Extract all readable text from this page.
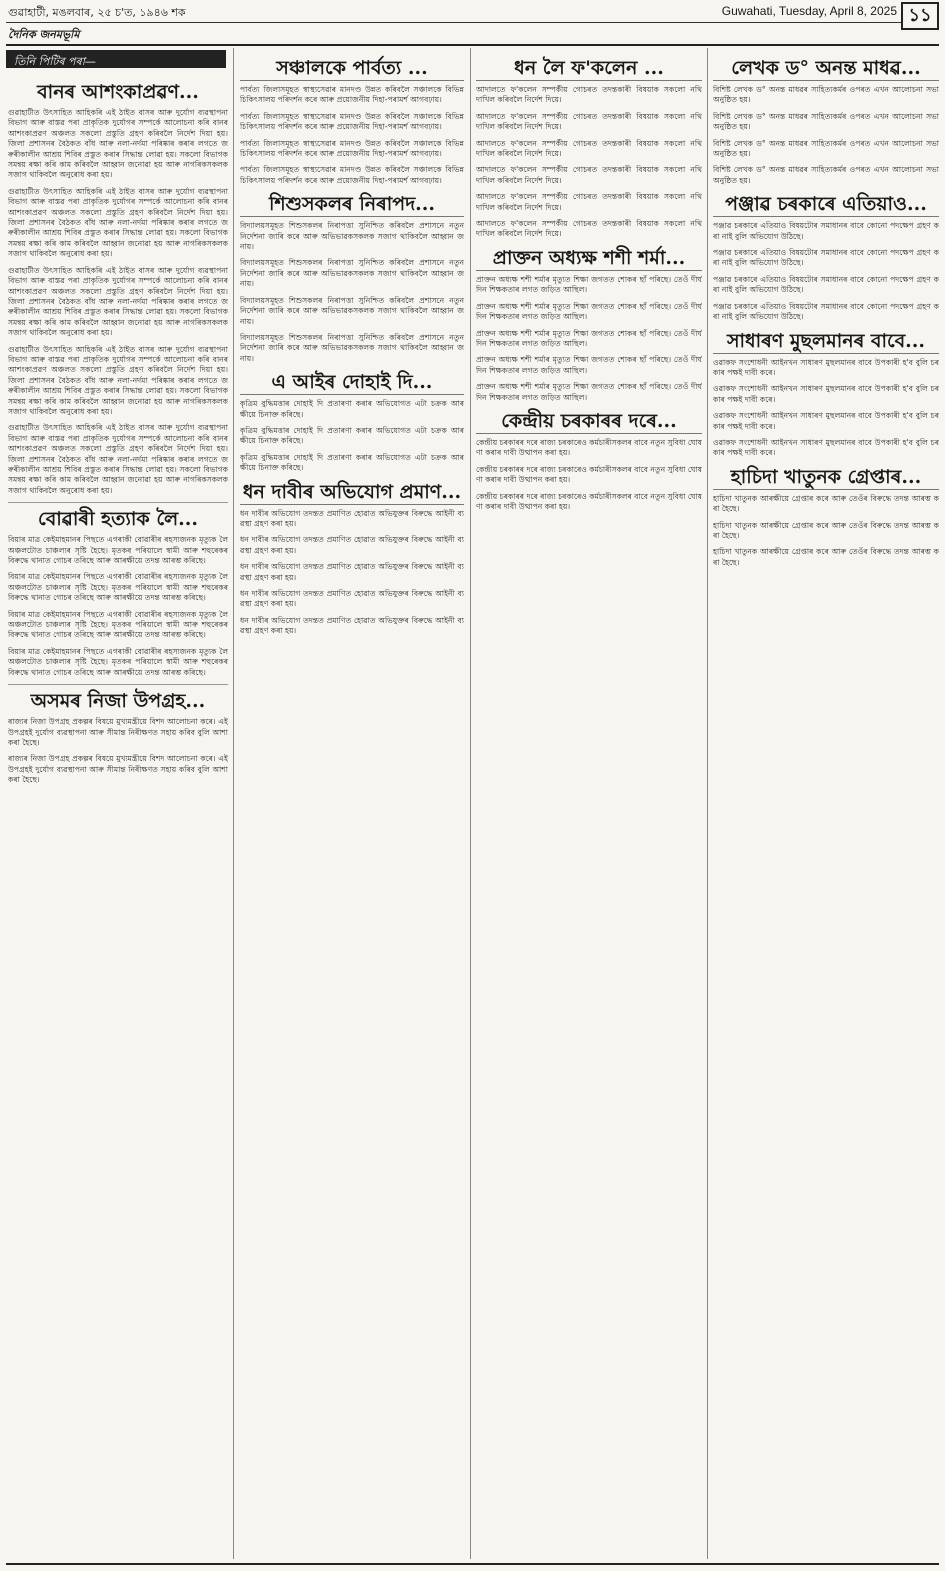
গুৱাহাটী, মঙলবাৰ, ২৫ চ'ত, ১৯৪৬ শক	Guwahati, Tuesday, April 8, 2025 ১১
দৈনিক জনমভূমি
তিনি পিটিৰ পৰা—
বানৰ আশংকাপ্ৰৱণ...

গুৱাহাটীত উৎসাহিত আহিকৰি এই ঠাইত বাসৰ আৰু দুৰ্যোগ ব্যৱস্থাপনা বিভাগ আৰু বাস্তৱ পৰা প্ৰাকৃতিক দুৰ্যোগৰ সম্পৰ্কে আলোচনা কৰি বানৰ আশংকাপ্ৰৱণ অঞ্চলত সকলো প্ৰস্তুতি গ্ৰহণ কৰিবলৈ নিৰ্দেশ দিয়া হয়। জিলা প্ৰশাসনৰ বৈঠকত বাঁধ আৰু নলা-নৰ্দমা পৰিষ্কাৰ কৰাৰ লগতে জৰুৰীকালীন আশ্ৰয় শিবিৰ প্ৰস্তুত কৰাৰ সিদ্ধান্ত লোৱা হয়। সকলো বিভাগক সমন্বয় ৰক্ষা কৰি কাম কৰিবলৈ আহ্বান জনোৱা হয় আৰু নাগৰিকসকলক সজাগ থাকিবলৈ অনুৰোধ কৰা হয়।

গুৱাহাটীত উৎসাহিত আহিকৰি এই ঠাইত বাসৰ আৰু দুৰ্যোগ ব্যৱস্থাপনা বিভাগ আৰু বাস্তৱ পৰা প্ৰাকৃতিক দুৰ্যোগৰ সম্পৰ্কে আলোচনা কৰি বানৰ আশংকাপ্ৰৱণ অঞ্চলত সকলো প্ৰস্তুতি গ্ৰহণ কৰিবলৈ নিৰ্দেশ দিয়া হয়। জিলা প্ৰশাসনৰ বৈঠকত বাঁধ আৰু নলা-নৰ্দমা পৰিষ্কাৰ কৰাৰ লগতে জৰুৰীকালীন আশ্ৰয় শিবিৰ প্ৰস্তুত কৰাৰ সিদ্ধান্ত লোৱা হয়। সকলো বিভাগক সমন্বয় ৰক্ষা কৰি কাম কৰিবলৈ আহ্বান জনোৱা হয় আৰু নাগৰিকসকলক সজাগ থাকিবলৈ অনুৰোধ কৰা হয়।

গুৱাহাটীত উৎসাহিত আহিকৰি এই ঠাইত বাসৰ আৰু দুৰ্যোগ ব্যৱস্থাপনা বিভাগ আৰু বাস্তৱ পৰা প্ৰাকৃতিক দুৰ্যোগৰ সম্পৰ্কে আলোচনা কৰি বানৰ আশংকাপ্ৰৱণ অঞ্চলত সকলো প্ৰস্তুতি গ্ৰহণ কৰিবলৈ নিৰ্দেশ দিয়া হয়। জিলা প্ৰশাসনৰ বৈঠকত বাঁধ আৰু নলা-নৰ্দমা পৰিষ্কাৰ কৰাৰ লগতে জৰুৰীকালীন আশ্ৰয় শিবিৰ প্ৰস্তুত কৰাৰ সিদ্ধান্ত লোৱা হয়। সকলো বিভাগক সমন্বয় ৰক্ষা কৰি কাম কৰিবলৈ আহ্বান জনোৱা হয় আৰু নাগৰিকসকলক সজাগ থাকিবলৈ অনুৰোধ কৰা হয়।

গুৱাহাটীত উৎসাহিত আহিকৰি এই ঠাইত বাসৰ আৰু দুৰ্যোগ ব্যৱস্থাপনা বিভাগ আৰু বাস্তৱ পৰা প্ৰাকৃতিক দুৰ্যোগৰ সম্পৰ্কে আলোচনা কৰি বানৰ আশংকাপ্ৰৱণ অঞ্চলত সকলো প্ৰস্তুতি গ্ৰহণ কৰিবলৈ নিৰ্দেশ দিয়া হয়। জিলা প্ৰশাসনৰ বৈঠকত বাঁধ আৰু নলা-নৰ্দমা পৰিষ্কাৰ কৰাৰ লগতে জৰুৰীকালীন আশ্ৰয় শিবিৰ প্ৰস্তুত কৰাৰ সিদ্ধান্ত লোৱা হয়। সকলো বিভাগক সমন্বয় ৰক্ষা কৰি কাম কৰিবলৈ আহ্বান জনোৱা হয় আৰু নাগৰিকসকলক সজাগ থাকিবলৈ অনুৰোধ কৰা হয়।

গুৱাহাটীত উৎসাহিত আহিকৰি এই ঠাইত বাসৰ আৰু দুৰ্যোগ ব্যৱস্থাপনা বিভাগ আৰু বাস্তৱ পৰা প্ৰাকৃতিক দুৰ্যোগৰ সম্পৰ্কে আলোচনা কৰি বানৰ আশংকাপ্ৰৱণ অঞ্চলত সকলো প্ৰস্তুতি গ্ৰহণ কৰিবলৈ নিৰ্দেশ দিয়া হয়। জিলা প্ৰশাসনৰ বৈঠকত বাঁধ আৰু নলা-নৰ্দমা পৰিষ্কাৰ কৰাৰ লগতে জৰুৰীকালীন আশ্ৰয় শিবিৰ প্ৰস্তুত কৰাৰ সিদ্ধান্ত লোৱা হয়। সকলো বিভাগক সমন্বয় ৰক্ষা কৰি কাম কৰিবলৈ আহ্বান জনোৱা হয় আৰু নাগৰিকসকলক সজাগ থাকিবলৈ অনুৰোধ কৰা হয়।

বোৱাৰী হত্যাক লৈ...

বিয়াৰ মাত্ৰ কেইমাহমানৰ পিছতে এগৰাকী বোৱাৰীৰ ৰহস্যজনক মৃত্যুক লৈ অঞ্চলটোত চাঞ্চল্যৰ সৃষ্টি হৈছে। মৃতকৰ পৰিয়ালে স্বামী আৰু শহুৰেকৰ বিৰুদ্ধে থানাত গোচৰ তৰিছে আৰু আৰক্ষীয়ে তদন্ত আৰম্ভ কৰিছে।

বিয়াৰ মাত্ৰ কেইমাহমানৰ পিছতে এগৰাকী বোৱাৰীৰ ৰহস্যজনক মৃত্যুক লৈ অঞ্চলটোত চাঞ্চল্যৰ সৃষ্টি হৈছে। মৃতকৰ পৰিয়ালে স্বামী আৰু শহুৰেকৰ বিৰুদ্ধে থানাত গোচৰ তৰিছে আৰু আৰক্ষীয়ে তদন্ত আৰম্ভ কৰিছে।

বিয়াৰ মাত্ৰ কেইমাহমানৰ পিছতে এগৰাকী বোৱাৰীৰ ৰহস্যজনক মৃত্যুক লৈ অঞ্চলটোত চাঞ্চল্যৰ সৃষ্টি হৈছে। মৃতকৰ পৰিয়ালে স্বামী আৰু শহুৰেকৰ বিৰুদ্ধে থানাত গোচৰ তৰিছে আৰু আৰক্ষীয়ে তদন্ত আৰম্ভ কৰিছে।

বিয়াৰ মাত্ৰ কেইমাহমানৰ পিছতে এগৰাকী বোৱাৰীৰ ৰহস্যজনক মৃত্যুক লৈ অঞ্চলটোত চাঞ্চল্যৰ সৃষ্টি হৈছে। মৃতকৰ পৰিয়ালে স্বামী আৰু শহুৰেকৰ বিৰুদ্ধে থানাত গোচৰ তৰিছে আৰু আৰক্ষীয়ে তদন্ত আৰম্ভ কৰিছে।

অসমৰ নিজা উপগ্ৰহ...

ৰাজ্যৰ নিজা উপগ্ৰহ প্ৰকল্পৰ বিষয়ে মুখ্যমন্ত্ৰীয়ে বিশদ আলোচনা কৰে। এই উপগ্ৰহই দুৰ্যোগ ব্যৱস্থাপনা আৰু সীমান্ত নিৰীক্ষণত সহায় কৰিব বুলি আশা কৰা হৈছে।

ৰাজ্যৰ নিজা উপগ্ৰহ প্ৰকল্পৰ বিষয়ে মুখ্যমন্ত্ৰীয়ে বিশদ আলোচনা কৰে। এই উপগ্ৰহই দুৰ্যোগ ব্যৱস্থাপনা আৰু সীমান্ত নিৰীক্ষণত সহায় কৰিব বুলি আশা কৰা হৈছে।

সঞ্চালকে পাৰ্বত্য ...

পাৰ্বত্য জিলাসমূহত স্বাস্থ্যসেৱাৰ মানদণ্ড উন্নত কৰিবলৈ সঞ্চালকে বিভিন্ন চিকিৎসালয় পৰিদৰ্শন কৰে আৰু প্ৰয়োজনীয় দিহা-পৰামৰ্শ আগবঢ়ায়।

পাৰ্বত্য জিলাসমূহত স্বাস্থ্যসেৱাৰ মানদণ্ড উন্নত কৰিবলৈ সঞ্চালকে বিভিন্ন চিকিৎসালয় পৰিদৰ্শন কৰে আৰু প্ৰয়োজনীয় দিহা-পৰামৰ্শ আগবঢ়ায়।

পাৰ্বত্য জিলাসমূহত স্বাস্থ্যসেৱাৰ মানদণ্ড উন্নত কৰিবলৈ সঞ্চালকে বিভিন্ন চিকিৎসালয় পৰিদৰ্শন কৰে আৰু প্ৰয়োজনীয় দিহা-পৰামৰ্শ আগবঢ়ায়।

পাৰ্বত্য জিলাসমূহত স্বাস্থ্যসেৱাৰ মানদণ্ড উন্নত কৰিবলৈ সঞ্চালকে বিভিন্ন চিকিৎসালয় পৰিদৰ্শন কৰে আৰু প্ৰয়োজনীয় দিহা-পৰামৰ্শ আগবঢ়ায়।

শিশুসকলৰ নিৰাপদ...

বিদ্যালয়সমূহত শিশুসকলৰ নিৰাপত্তা সুনিশ্চিত কৰিবলৈ প্ৰশাসনে নতুন নিৰ্দেশনা জাৰি কৰে আৰু অভিভাৱকসকলক সজাগ থাকিবলৈ আহ্বান জনায়।

বিদ্যালয়সমূহত শিশুসকলৰ নিৰাপত্তা সুনিশ্চিত কৰিবলৈ প্ৰশাসনে নতুন নিৰ্দেশনা জাৰি কৰে আৰু অভিভাৱকসকলক সজাগ থাকিবলৈ আহ্বান জনায়।

বিদ্যালয়সমূহত শিশুসকলৰ নিৰাপত্তা সুনিশ্চিত কৰিবলৈ প্ৰশাসনে নতুন নিৰ্দেশনা জাৰি কৰে আৰু অভিভাৱকসকলক সজাগ থাকিবলৈ আহ্বান জনায়।

বিদ্যালয়সমূহত শিশুসকলৰ নিৰাপত্তা সুনিশ্চিত কৰিবলৈ প্ৰশাসনে নতুন নিৰ্দেশনা জাৰি কৰে আৰু অভিভাৱকসকলক সজাগ থাকিবলৈ আহ্বান জনায়।

এ আইৰ দোহাই দি...

কৃত্ৰিম বুদ্ধিমত্তাৰ দোহাই দি প্ৰতাৰণা কৰাৰ অভিযোগত এটা চক্ৰক আৰক্ষীয়ে চিনাক্ত কৰিছে।

কৃত্ৰিম বুদ্ধিমত্তাৰ দোহাই দি প্ৰতাৰণা কৰাৰ অভিযোগত এটা চক্ৰক আৰক্ষীয়ে চিনাক্ত কৰিছে।

কৃত্ৰিম বুদ্ধিমত্তাৰ দোহাই দি প্ৰতাৰণা কৰাৰ অভিযোগত এটা চক্ৰক আৰক্ষীয়ে চিনাক্ত কৰিছে।

ধন দাবীৰ অভিযোগ প্ৰমাণ...

ধন দাবীৰ অভিযোগ তদন্তত প্ৰমাণিত হোৱাত অভিযুক্তৰ বিৰুদ্ধে আইনী ব্যৱস্থা গ্ৰহণ কৰা হয়।

ধন দাবীৰ অভিযোগ তদন্তত প্ৰমাণিত হোৱাত অভিযুক্তৰ বিৰুদ্ধে আইনী ব্যৱস্থা গ্ৰহণ কৰা হয়।

ধন দাবীৰ অভিযোগ তদন্তত প্ৰমাণিত হোৱাত অভিযুক্তৰ বিৰুদ্ধে আইনী ব্যৱস্থা গ্ৰহণ কৰা হয়।

ধন দাবীৰ অভিযোগ তদন্তত প্ৰমাণিত হোৱাত অভিযুক্তৰ বিৰুদ্ধে আইনী ব্যৱস্থা গ্ৰহণ কৰা হয়।

ধন দাবীৰ অভিযোগ তদন্তত প্ৰমাণিত হোৱাত অভিযুক্তৰ বিৰুদ্ধে আইনী ব্যৱস্থা গ্ৰহণ কৰা হয়।

ধন লৈ ফ'কলেন ...

আদালতে ফ'কলেন সম্পৰ্কীয় গোচৰত তদন্তকাৰী বিষয়াক সকলো নথি দাখিল কৰিবলৈ নিৰ্দেশ দিয়ে।

আদালতে ফ'কলেন সম্পৰ্কীয় গোচৰত তদন্তকাৰী বিষয়াক সকলো নথি দাখিল কৰিবলৈ নিৰ্দেশ দিয়ে।

আদালতে ফ'কলেন সম্পৰ্কীয় গোচৰত তদন্তকাৰী বিষয়াক সকলো নথি দাখিল কৰিবলৈ নিৰ্দেশ দিয়ে।

আদালতে ফ'কলেন সম্পৰ্কীয় গোচৰত তদন্তকাৰী বিষয়াক সকলো নথি দাখিল কৰিবলৈ নিৰ্দেশ দিয়ে।

আদালতে ফ'কলেন সম্পৰ্কীয় গোচৰত তদন্তকাৰী বিষয়াক সকলো নথি দাখিল কৰিবলৈ নিৰ্দেশ দিয়ে।

আদালতে ফ'কলেন সম্পৰ্কীয় গোচৰত তদন্তকাৰী বিষয়াক সকলো নথি দাখিল কৰিবলৈ নিৰ্দেশ দিয়ে।

প্ৰাক্তন অধ্যক্ষ শশী শৰ্মা...

প্ৰাক্তন অধ্যক্ষ শশী শৰ্মাৰ মৃত্যুত শিক্ষা জগতত শোকৰ ছাঁ পৰিছে। তেওঁ দীৰ্ঘদিন শিক্ষকতাৰ লগত জড়িত আছিল।

প্ৰাক্তন অধ্যক্ষ শশী শৰ্মাৰ মৃত্যুত শিক্ষা জগতত শোকৰ ছাঁ পৰিছে। তেওঁ দীৰ্ঘদিন শিক্ষকতাৰ লগত জড়িত আছিল।

প্ৰাক্তন অধ্যক্ষ শশী শৰ্মাৰ মৃত্যুত শিক্ষা জগতত শোকৰ ছাঁ পৰিছে। তেওঁ দীৰ্ঘদিন শিক্ষকতাৰ লগত জড়িত আছিল।

প্ৰাক্তন অধ্যক্ষ শশী শৰ্মাৰ মৃত্যুত শিক্ষা জগতত শোকৰ ছাঁ পৰিছে। তেওঁ দীৰ্ঘদিন শিক্ষকতাৰ লগত জড়িত আছিল।

প্ৰাক্তন অধ্যক্ষ শশী শৰ্মাৰ মৃত্যুত শিক্ষা জগতত শোকৰ ছাঁ পৰিছে। তেওঁ দীৰ্ঘদিন শিক্ষকতাৰ লগত জড়িত আছিল।

কেন্দ্ৰীয় চৰকাৰৰ দৰে...

কেন্দ্ৰীয় চৰকাৰৰ দৰে ৰাজ্য চৰকাৰেও কৰ্মচাৰীসকলৰ বাবে নতুন সুবিধা ঘোষণা কৰাৰ দাবী উত্থাপন কৰা হয়।

কেন্দ্ৰীয় চৰকাৰৰ দৰে ৰাজ্য চৰকাৰেও কৰ্মচাৰীসকলৰ বাবে নতুন সুবিধা ঘোষণা কৰাৰ দাবী উত্থাপন কৰা হয়।

কেন্দ্ৰীয় চৰকাৰৰ দৰে ৰাজ্য চৰকাৰেও কৰ্মচাৰীসকলৰ বাবে নতুন সুবিধা ঘোষণা কৰাৰ দাবী উত্থাপন কৰা হয়।

লেখক ড° অনন্ত মাধৱ...

বিশিষ্ট লেখক ড° অনন্ত মাধৱৰ সাহিত্যকৰ্মৰ ওপৰত এখন আলোচনা সভা অনুষ্ঠিত হয়।

বিশিষ্ট লেখক ড° অনন্ত মাধৱৰ সাহিত্যকৰ্মৰ ওপৰত এখন আলোচনা সভা অনুষ্ঠিত হয়।

বিশিষ্ট লেখক ড° অনন্ত মাধৱৰ সাহিত্যকৰ্মৰ ওপৰত এখন আলোচনা সভা অনুষ্ঠিত হয়।

বিশিষ্ট লেখক ড° অনন্ত মাধৱৰ সাহিত্যকৰ্মৰ ওপৰত এখন আলোচনা সভা অনুষ্ঠিত হয়।

পঞ্জাৱ চৰকাৰে এতিয়াও...

পঞ্জাৱ চৰকাৰে এতিয়াও বিষয়টোৰ সমাধানৰ বাবে কোনো পদক্ষেপ গ্ৰহণ কৰা নাই বুলি অভিযোগ উঠিছে।

পঞ্জাৱ চৰকাৰে এতিয়াও বিষয়টোৰ সমাধানৰ বাবে কোনো পদক্ষেপ গ্ৰহণ কৰা নাই বুলি অভিযোগ উঠিছে।

পঞ্জাৱ চৰকাৰে এতিয়াও বিষয়টোৰ সমাধানৰ বাবে কোনো পদক্ষেপ গ্ৰহণ কৰা নাই বুলি অভিযোগ উঠিছে।

পঞ্জাৱ চৰকাৰে এতিয়াও বিষয়টোৰ সমাধানৰ বাবে কোনো পদক্ষেপ গ্ৰহণ কৰা নাই বুলি অভিযোগ উঠিছে।

সাধাৰণ মুছলমানৰ বাবে...

ওৱাকফ সংশোধনী আইনখন সাধাৰণ মুছলমানৰ বাবে উপকাৰী হ'ব বুলি চৰকাৰ পক্ষই দাবী কৰে।

ওৱাকফ সংশোধনী আইনখন সাধাৰণ মুছলমানৰ বাবে উপকাৰী হ'ব বুলি চৰকাৰ পক্ষই দাবী কৰে।

ওৱাকফ সংশোধনী আইনখন সাধাৰণ মুছলমানৰ বাবে উপকাৰী হ'ব বুলি চৰকাৰ পক্ষই দাবী কৰে।

ওৱাকফ সংশোধনী আইনখন সাধাৰণ মুছলমানৰ বাবে উপকাৰী হ'ব বুলি চৰকাৰ পক্ষই দাবী কৰে।

হাচিদা খাতুনক গ্ৰেপ্তাৰ...

হাচিদা খাতুনক আৰক্ষীয়ে গ্ৰেপ্তাৰ কৰে আৰু তেওঁৰ বিৰুদ্ধে তদন্ত আৰম্ভ কৰা হৈছে।

হাচিদা খাতুনক আৰক্ষীয়ে গ্ৰেপ্তাৰ কৰে আৰু তেওঁৰ বিৰুদ্ধে তদন্ত আৰম্ভ কৰা হৈছে।

হাচিদা খাতুনক আৰক্ষীয়ে গ্ৰেপ্তাৰ কৰে আৰু তেওঁৰ বিৰুদ্ধে তদন্ত আৰম্ভ কৰা হৈছে।
